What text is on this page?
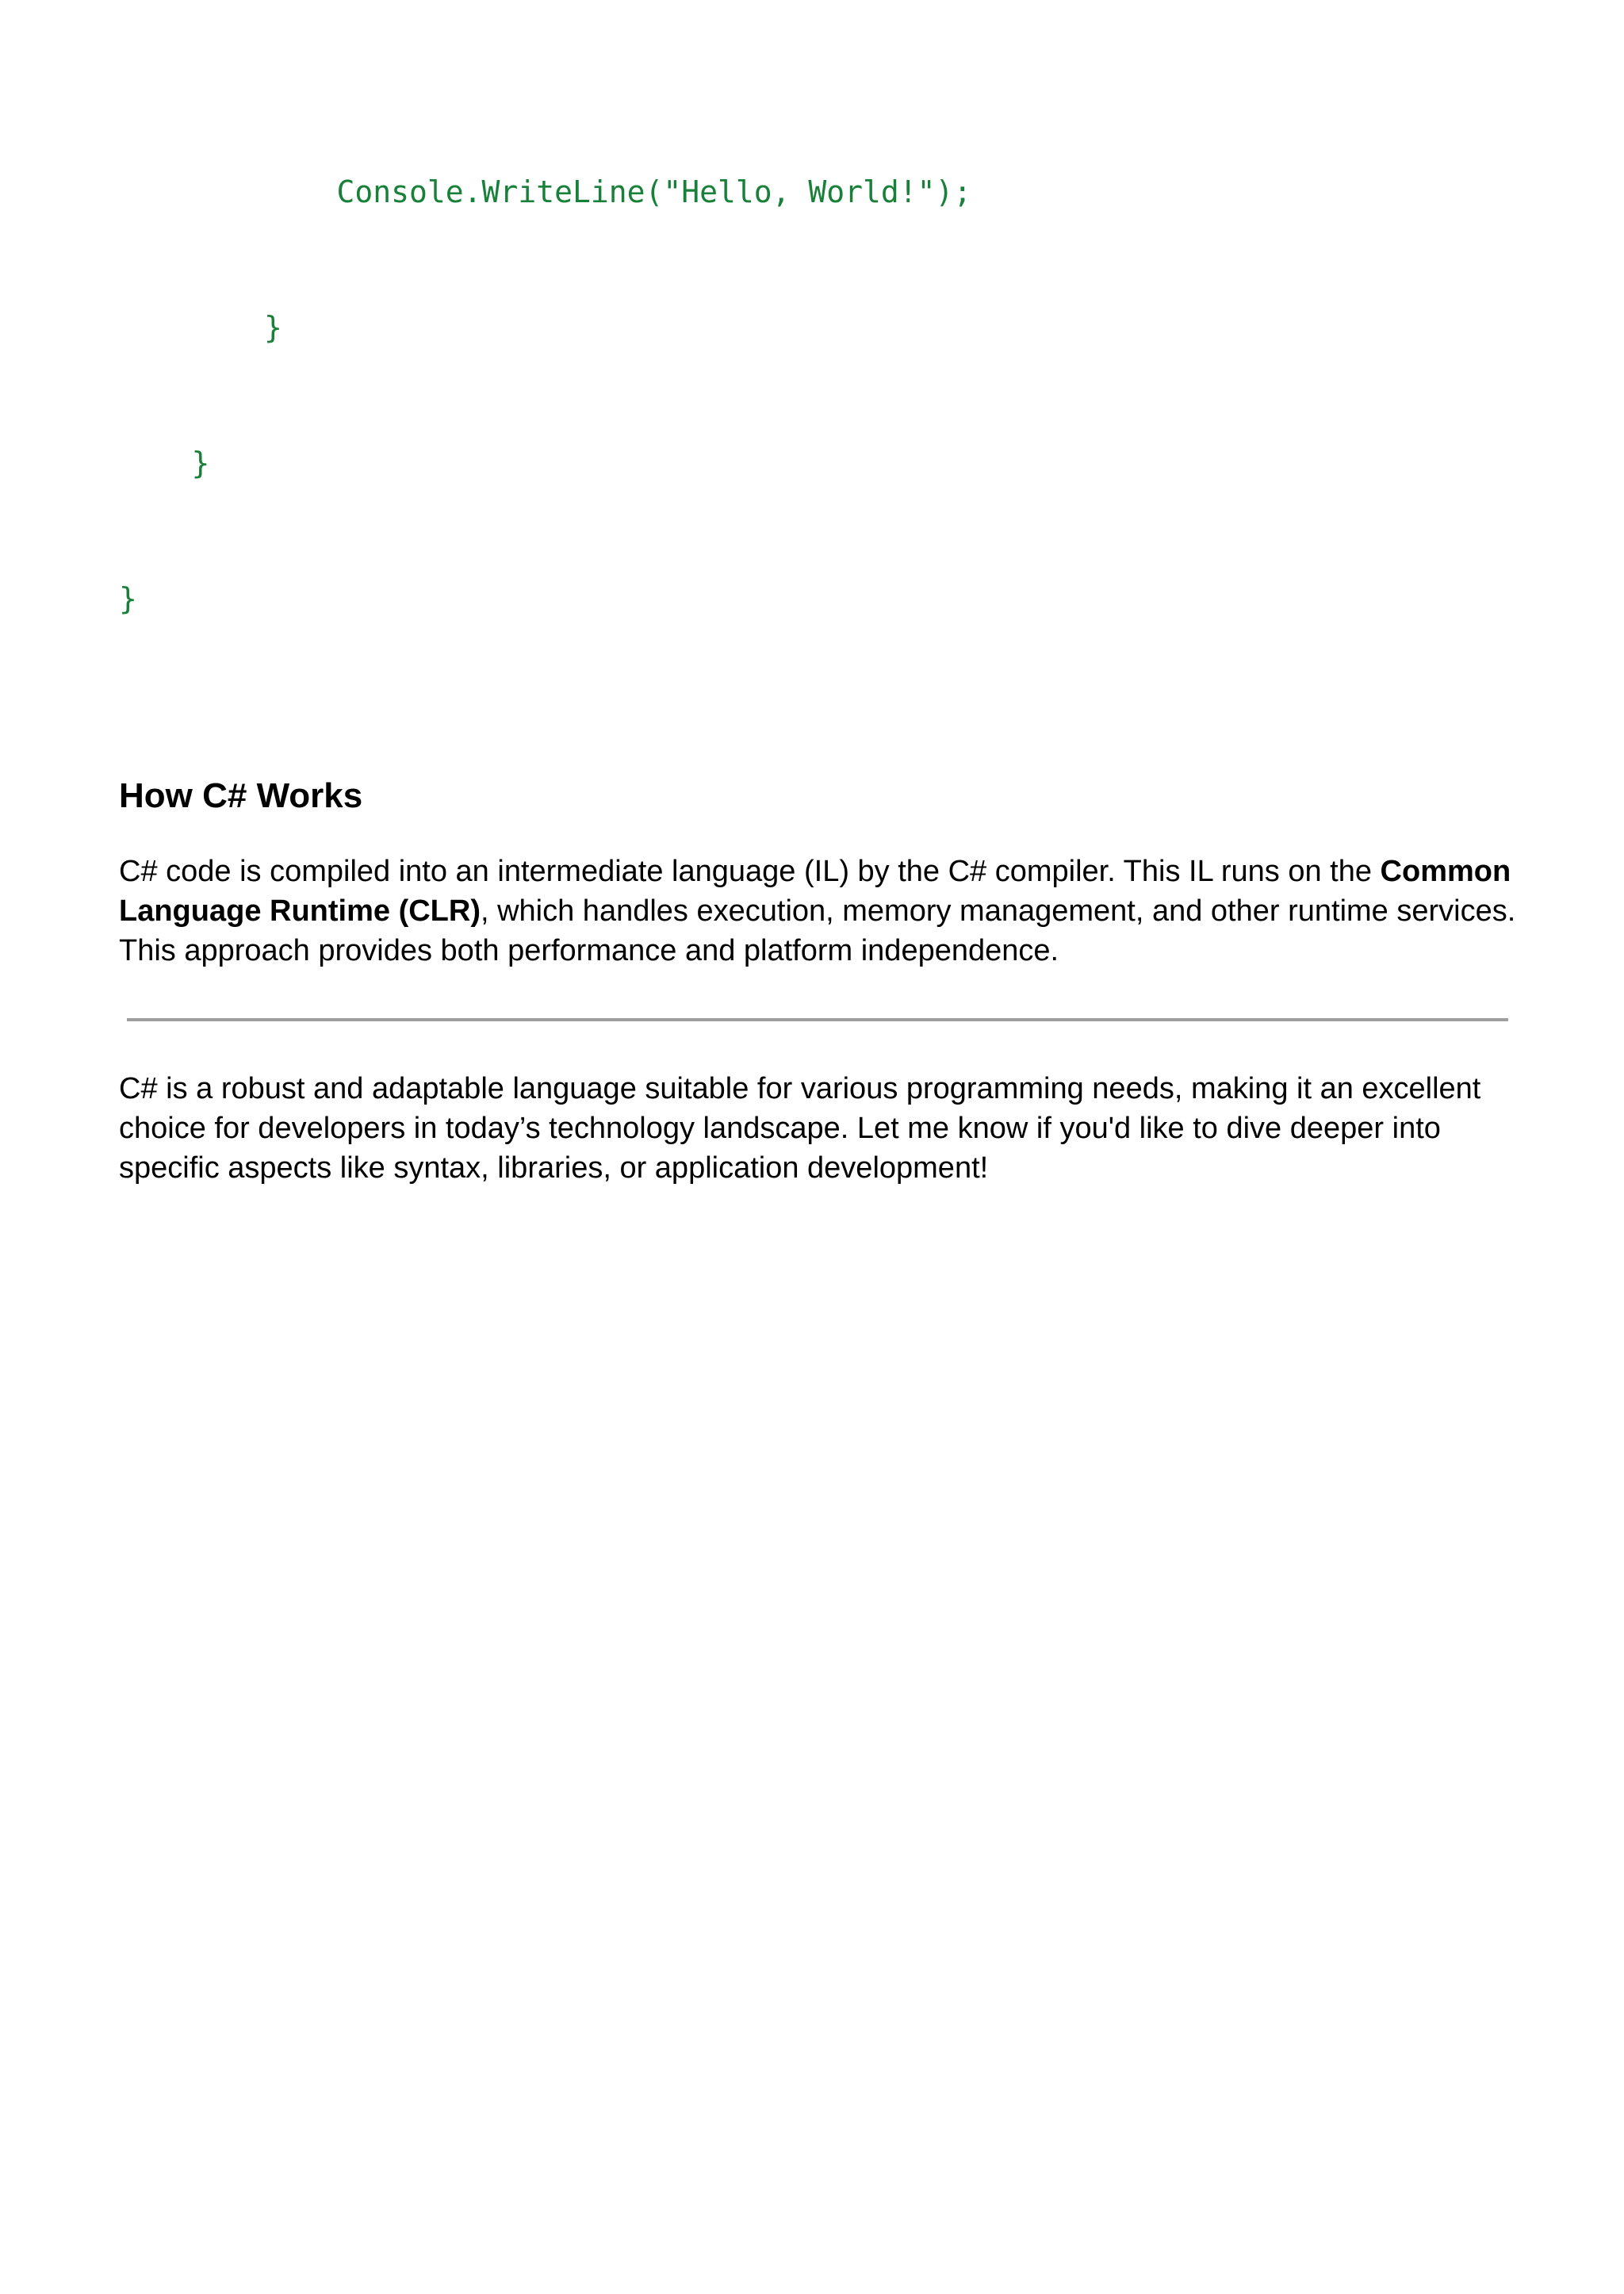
Console.WriteLine("Hello, World!");

}

}

}

How C# Works

C# code is compiled into an intermediate language (IL) by the C# compiler. This IL runs on the Common Language Runtime (CLR), which handles execution, memory management, and other runtime services. This approach provides both performance and platform independence.

C# is a robust and adaptable language suitable for various programming needs, making it an excellent choice for developers in today’s technology landscape. Let me know if you'd like to dive deeper into specific aspects like syntax, libraries, or application development!
